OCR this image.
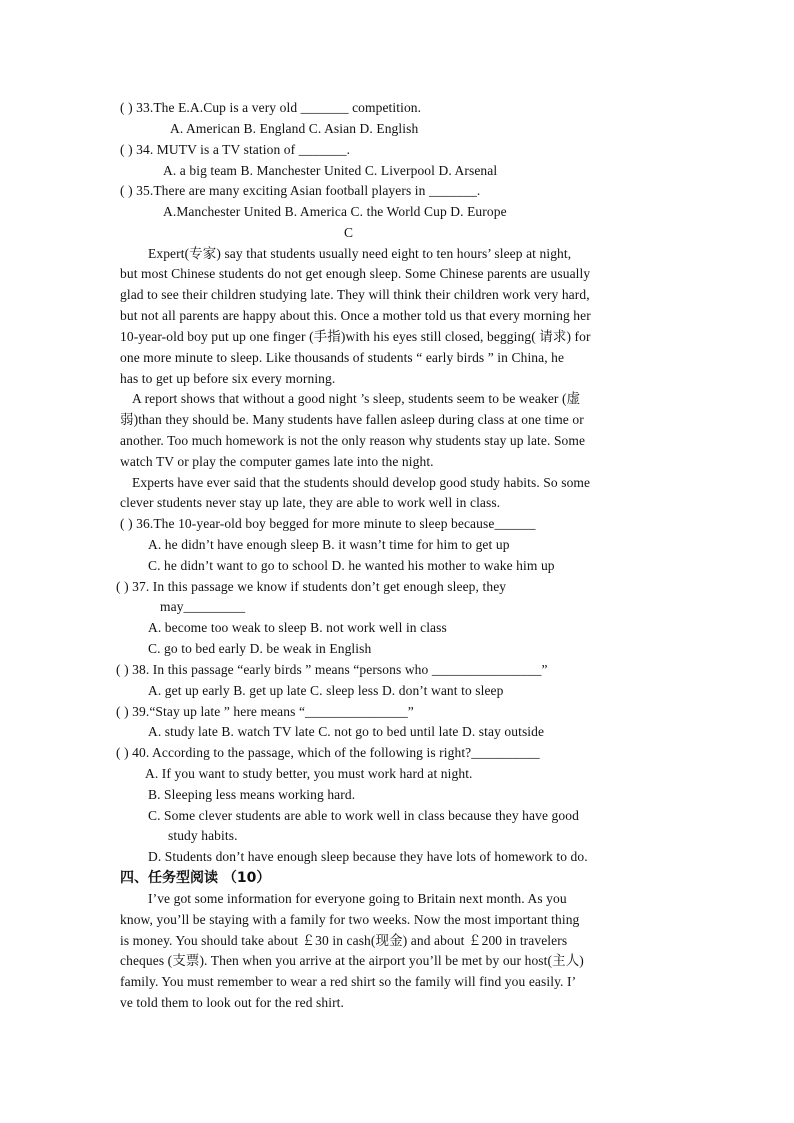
( ) 33.The E.A.Cup is a very old _______ competition.
A. American B. England C. Asian D. English
( ) 34. MUTV is a TV station of _______.
A. a big team B. Manchester United C. Liverpool D. Arsenal
( ) 35.There are many exciting Asian football players in _______.
A.Manchester United B. America C. the World Cup D. Europe
C
Expert(专家) say that students usually need eight to ten hours’ sleep at night,
but most Chinese students do not get enough sleep. Some Chinese parents are usually
glad to see their children studying late. They will think their children work very hard,
but not all parents are happy about this. Once a mother told us that every morning her
10-year-old boy put up one finger (手指)with his eyes still closed, begging( 请求) for
one more minute to sleep. Like thousands of students “ early birds ” in China, he
has to get up before six every morning.
A report shows that without a good night ’s sleep, students seem to be weaker (虚
弱)than they should be. Many students have fallen asleep during class at one time or
another. Too much homework is not the only reason why students stay up late. Some
watch TV or play the computer games late into the night.
Experts have ever said that the students should develop good study habits. So some
clever students never stay up late, they are able to work well in class.
( ) 36.The 10-year-old boy begged for more minute to sleep because______
A. he didn’t have enough sleep B. it wasn’t time for him to get up
C. he didn’t want to go to school D. he wanted his mother to wake him up
( ) 37. In this passage we know if students don’t get enough sleep, they
may_________
A. become too weak to sleep B. not work well in class
C. go to bed early D. be weak in English
( ) 38. In this passage “early birds ” means “persons who ________________”
A. get up early B. get up late C. sleep less D. don’t want to sleep
( ) 39.“Stay up late ” here means “_______________”
A. study late B. watch TV late C. not go to bed until late D. stay outside
( ) 40. According to the passage, which of the following is right?__________
A. If you want to study better, you must work hard at night.
B. Sleeping less means working hard.
C. Some clever students are able to work well in class because they have good
study habits.
D. Students don’t have enough sleep because they have lots of homework to do.
四、任务型阅读 （10）
I’ve got some information for everyone going to Britain next month. As you
know, you’ll be staying with a family for two weeks. Now the most important thing
is money. You should take about ￡30 in cash(现金) and about ￡200 in travelers
cheques (支票). Then when you arrive at the airport you’ll be met by our host(主人)
family. You must remember to wear a red shirt so the family will find you easily. I’
ve told them to look out for the red shirt.
